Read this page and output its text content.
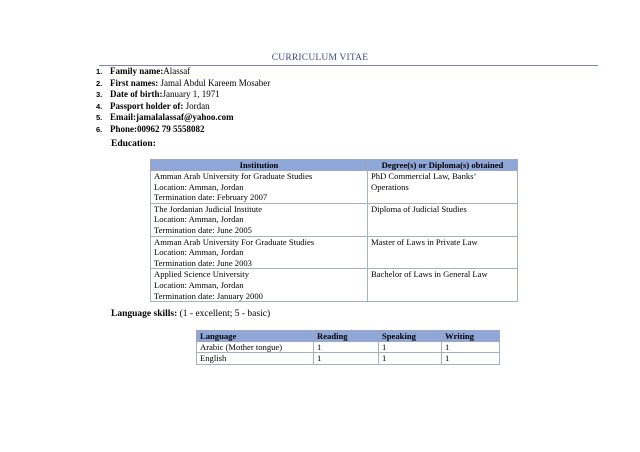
CURRICULUM VITAE
1. Family name:Alassaf
2. First names: Jamal Abdul Kareem Mosaber
3. Date of birth:January 1, 1971
4. Passport holder of: Jordan
5. Email:jamalalassaf@yahoo.com
6. Phone:00962 79 5558082
Education:
Institution	Degree(s) or Diploma(s) obtained

Amman Arab University for Graduate Studies
Location: Amman, Jordan
Termination date: February 2007	PhD Commercial Law, Banks’ Operations

The Jordanian Judicial Institute
Location: Amman, Jordan
Termination date: June 2005	Diploma of Judicial Studies

Amman Arab University For Graduate Studies
Location: Amman, Jordan
Termination date: June 2003	Master of Laws in Private Law

Applied Science University
Location: Amman, Jordan
Termination date: January 2000	Bachelor of Laws in General Law
Language skills: (1 - excellent; 5 - basic)
Language	Reading	Speaking	Writing
Arabic (Mother tongue)	1	1	1
English	1	1	1
